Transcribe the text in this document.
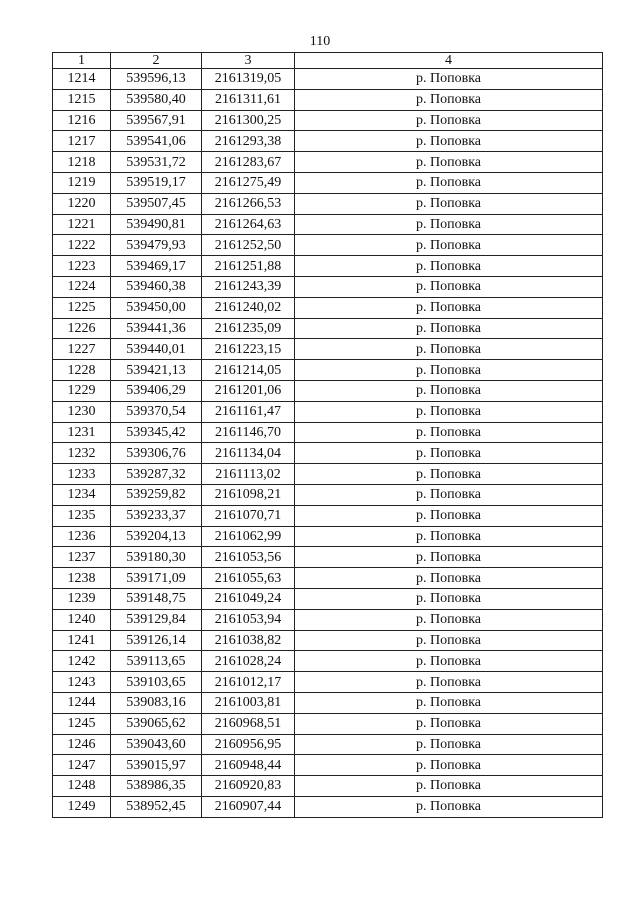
110
1	2	3	4
1214	539596,13	2161319,05	р. Поповка
1215	539580,40	2161311,61	р. Поповка
1216	539567,91	2161300,25	р. Поповка
1217	539541,06	2161293,38	р. Поповка
1218	539531,72	2161283,67	р. Поповка
1219	539519,17	2161275,49	р. Поповка
1220	539507,45	2161266,53	р. Поповка
1221	539490,81	2161264,63	р. Поповка
1222	539479,93	2161252,50	р. Поповка
1223	539469,17	2161251,88	р. Поповка
1224	539460,38	2161243,39	р. Поповка
1225	539450,00	2161240,02	р. Поповка
1226	539441,36	2161235,09	р. Поповка
1227	539440,01	2161223,15	р. Поповка
1228	539421,13	2161214,05	р. Поповка
1229	539406,29	2161201,06	р. Поповка
1230	539370,54	2161161,47	р. Поповка
1231	539345,42	2161146,70	р. Поповка
1232	539306,76	2161134,04	р. Поповка
1233	539287,32	2161113,02	р. Поповка
1234	539259,82	2161098,21	р. Поповка
1235	539233,37	2161070,71	р. Поповка
1236	539204,13	2161062,99	р. Поповка
1237	539180,30	2161053,56	р. Поповка
1238	539171,09	2161055,63	р. Поповка
1239	539148,75	2161049,24	р. Поповка
1240	539129,84	2161053,94	р. Поповка
1241	539126,14	2161038,82	р. Поповка
1242	539113,65	2161028,24	р. Поповка
1243	539103,65	2161012,17	р. Поповка
1244	539083,16	2161003,81	р. Поповка
1245	539065,62	2160968,51	р. Поповка
1246	539043,60	2160956,95	р. Поповка
1247	539015,97	2160948,44	р. Поповка
1248	538986,35	2160920,83	р. Поповка
1249	538952,45	2160907,44	р. Поповка
